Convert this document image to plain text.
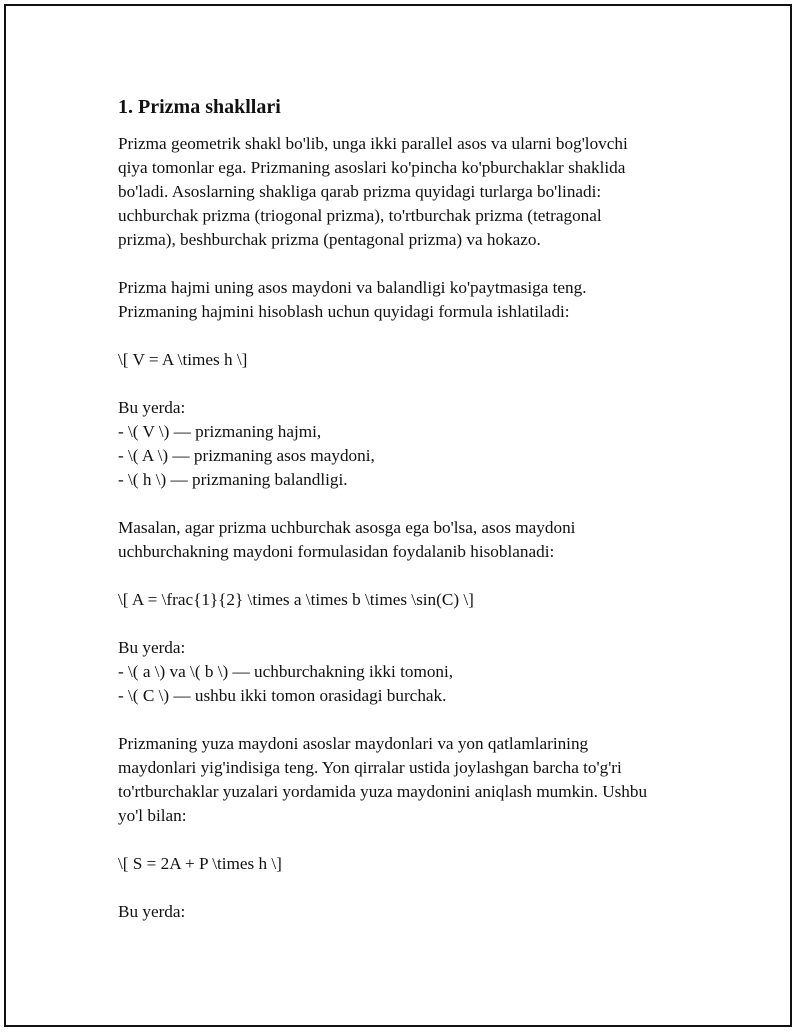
1. Prizma shakllari
Prizma geometrik shakl bo'lib, unga ikki parallel asos va ularni bog'lovchi
qiya tomonlar ega. Prizmaning asoslari ko'pincha ko'pburchaklar shaklida
bo'ladi. Asoslarning shakliga qarab prizma quyidagi turlarga bo'linadi:
uchburchak prizma (triogonal prizma), to'rtburchak prizma (tetragonal
prizma), beshburchak prizma (pentagonal prizma) va hokazo.
Prizma hajmi uning asos maydoni va balandligi ko'paytmasiga teng.
Prizmaning hajmini hisoblash uchun quyidagi formula ishlatiladi:
\[ V = A \times h \]
Bu yerda:
- \( V \) — prizmaning hajmi,
- \( A \) — prizmaning asos maydoni,
- \( h \) — prizmaning balandligi.
Masalan, agar prizma uchburchak asosga ega bo'lsa, asos maydoni
uchburchakning maydoni formulasidan foydalanib hisoblanadi:
\[ A = \frac{1}{2} \times a \times b \times \sin(C) \]
Bu yerda:
- \( a \) va \( b \) — uchburchakning ikki tomoni,
- \( C \) — ushbu ikki tomon orasidagi burchak.
Prizmaning yuza maydoni asoslar maydonlari va yon qatlamlarining
maydonlari yig'indisiga teng. Yon qirralar ustida joylashgan barcha to'g'ri
to'rtburchaklar yuzalari yordamida yuza maydonini aniqlash mumkin. Ushbu
yo'l bilan:
\[ S = 2A + P \times h \]
Bu yerda:
